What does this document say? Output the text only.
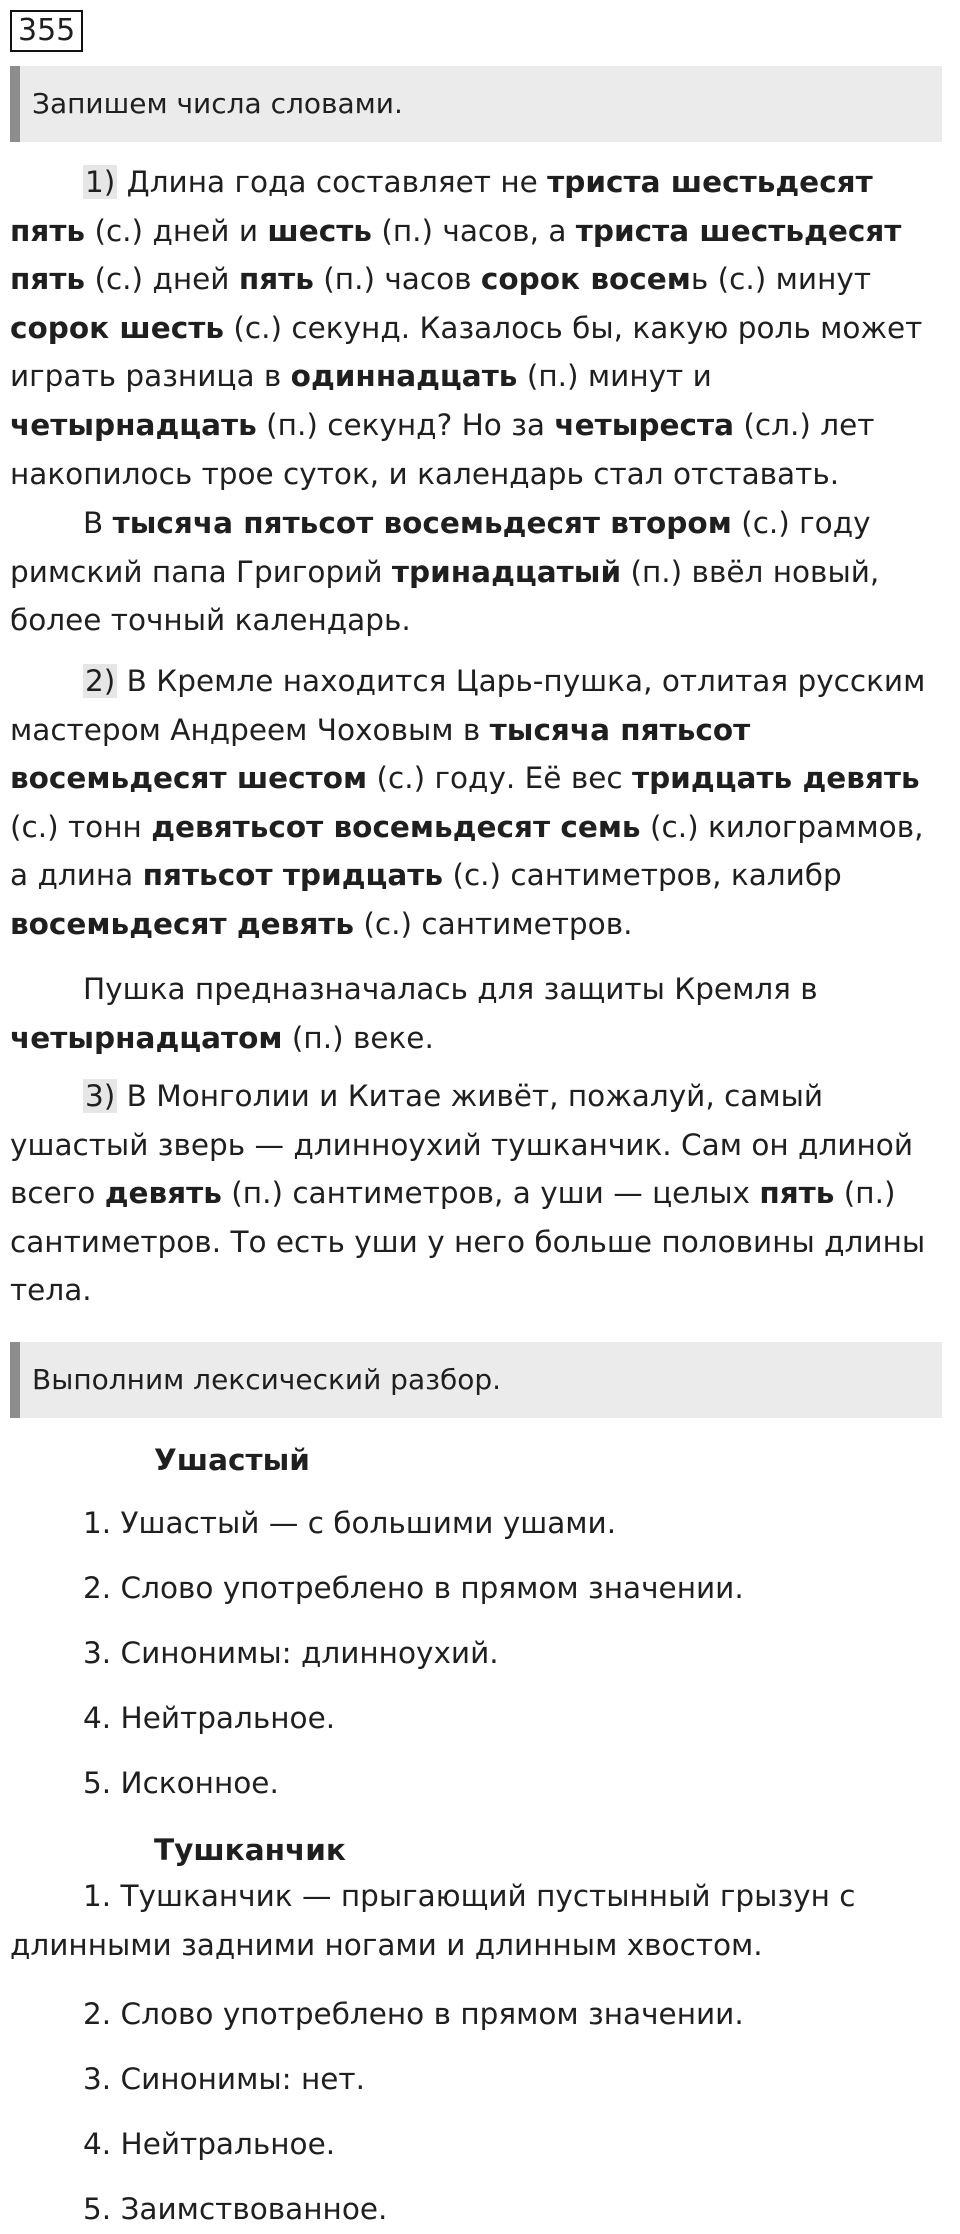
355
Запишем числа словами.

1) Длина года составляет не триста шестьдесят пять (с.) дней и шесть (п.) часов, а триста шестьдесят пять (с.) дней пять (п.) часов сорок восемь (с.) минут сорок шесть (с.) секунд. Казалось бы, какую роль может играть разница в одиннадцать (п.) минут и четырнадцать (п.) секунд? Но за четыреста (сл.) лет накопилось трое суток, и календарь стал отставать.

В тысяча пятьсот восемьдесят втором (с.) году римский папа Григорий тринадцатый (п.) ввёл новый, более точный календарь.

2) В Кремле находится Царь-пушка, отлитая русским мастером Андреем Чоховым в тысяча пятьсот восемьдесят шестом (с.) году. Её вес тридцать девять (с.) тонн девятьсот восемьдесят семь (с.) килограммов, а длина пятьсот тридцать (с.) сантиметров, калибр восемьдесят девять (с.) сантиметров.

Пушка предназначалась для защиты Кремля в четырнадцатом (п.) веке.

3) В Монголии и Китае живёт, пожалуй, самый ушастый зверь — длинноухий тушканчик. Сам он длиной всего девять (п.) сантиметров, а уши — целых пять (п.) сантиметров. То есть уши у него больше половины длины тела.

Выполним лексический разбор.
Ушастый
1. Ушастый — с большими ушами.
2. Слово употреблено в прямом значении.
3. Синонимы: длинноухий.
4. Нейтральное.
5. Исконное.
Тушканчик

1. Тушканчик — прыгающий пустынный грызун с длинными задними ногами и длинным хвостом.

2. Слово употреблено в прямом значении.
3. Синонимы: нет.
4. Нейтральное.
5. Заимствованное.
